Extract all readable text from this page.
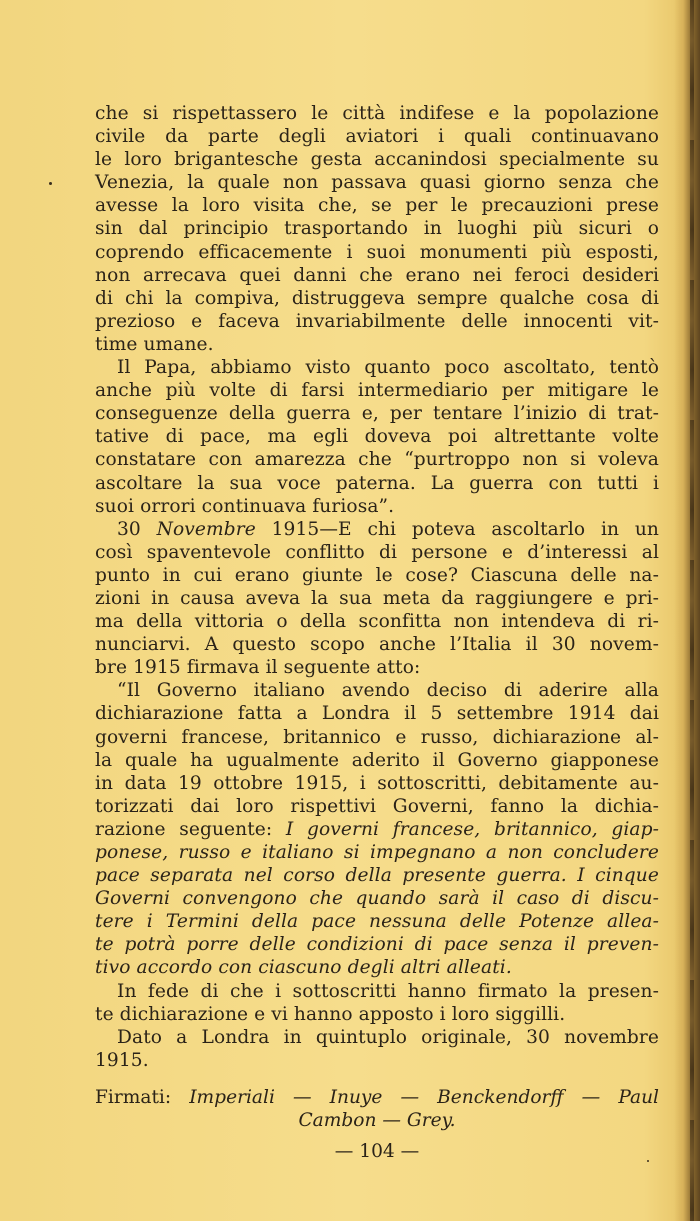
che si rispettassero le città indifese e la popolazione
civile da parte degli aviatori i quali continuavano
le loro brigantesche gesta accanindosi specialmente su
Venezia, la quale non passava quasi giorno senza che
avesse la loro visita che, se per le precauzioni prese
sin dal principio trasportando in luoghi più sicuri o
coprendo efficacemente i suoi monumenti più esposti,
non arrecava quei danni che erano nei feroci desideri
di chi la compiva, distruggeva sempre qualche cosa di
prezioso e faceva invariabilmente delle innocenti vit-
time umane.

Il Papa, abbiamo visto quanto poco ascoltato, tentò
anche più volte di farsi intermediario per mitigare le
conseguenze della guerra e, per tentare l’inizio di trat-
tative di pace, ma egli doveva poi altrettante volte
constatare con amarezza che “purtroppo non si voleva
ascoltare la sua voce paterna. La guerra con tutti i
suoi orrori continuava furiosa”.

30 Novembre 1915—E chi poteva ascoltarlo in un
così spaventevole conflitto di persone e d’interessi al
punto in cui erano giunte le cose? Ciascuna delle na-
zioni in causa aveva la sua meta da raggiungere e pri-
ma della vittoria o della sconfitta non intendeva di ri-
nunciarvi. A questo scopo anche l’Italia il 30 novem-
bre 1915 firmava il seguente atto:

“Il Governo italiano avendo deciso di aderire alla
dichiarazione fatta a Londra il 5 settembre 1914 dai
governi francese, britannico e russo, dichiarazione al-
la quale ha ugualmente aderito il Governo giapponese
in data 19 ottobre 1915, i sottoscritti, debitamente au-
torizzati dai loro rispettivi Governi, fanno la dichia-
razione seguente: I governi francese, britannico, giap-
ponese, russo e italiano si impegnano a non concludere
pace separata nel corso della presente guerra. I cinque
Governi convengono che quando sarà il caso di discu-
tere i Termini della pace nessuna delle Potenze allea-
te potrà porre delle condizioni di pace senza il preven-
tivo accordo con ciascuno degli altri alleati.

In fede di che i sottoscritti hanno firmato la presen-
te dichiarazione e vi hanno apposto i loro siggilli.

Dato a Londra in quintuplo originale, 30 novembre
1915.

Firmati: Imperiali — Inuye — Benckendorff — Paul
Cambon — Grey.
— 104 —
